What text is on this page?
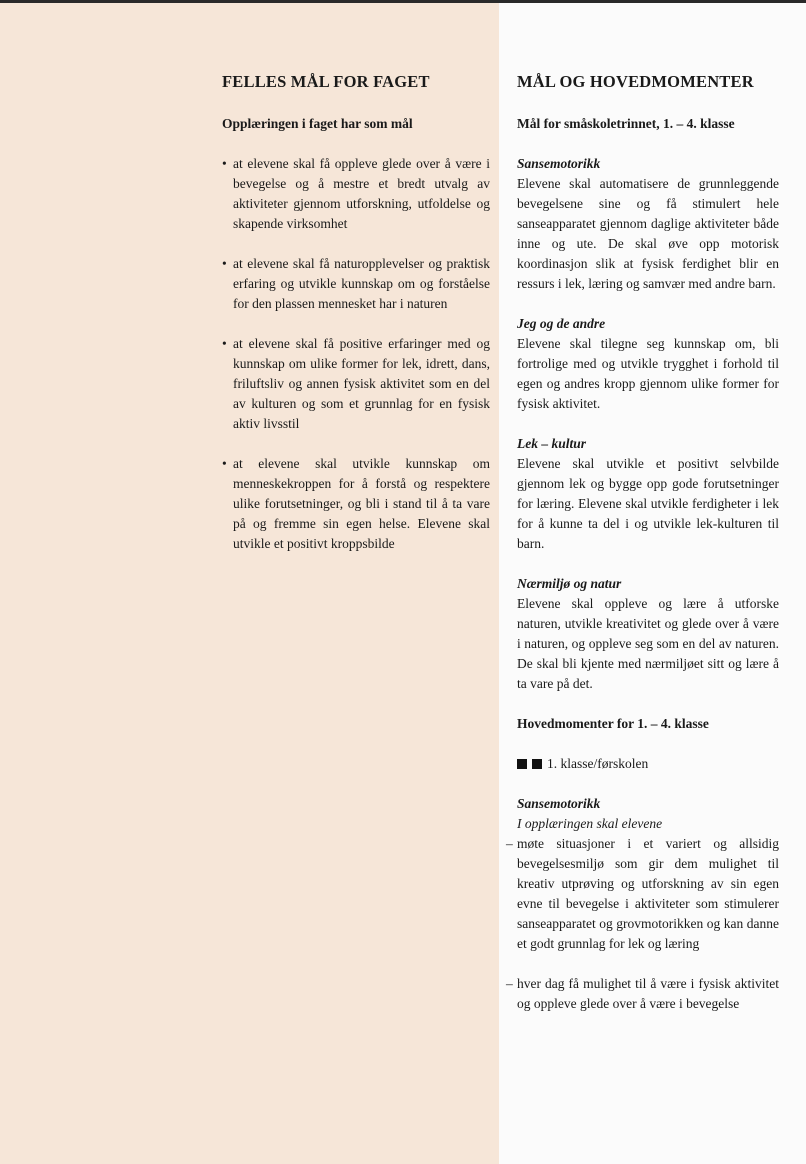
FELLES MÅL FOR FAGET
Opplæringen i faget har som mål
• at elevene skal få oppleve glede over å være i bevegelse og å mestre et bredt utvalg av aktiviteter gjennom utforskning, utfoldelse og skapende virksomhet
• at elevene skal få naturopplevelser og praktisk erfaring og utvikle kunnskap om og forståelse for den plassen mennesket har i naturen
• at elevene skal få positive erfaringer med og kunnskap om ulike former for lek, idrett, dans, friluftsliv og annen fysisk aktivitet som en del av kulturen og som et grunnlag for en fysisk aktiv livsstil
• at elevene skal utvikle kunnskap om menneskekroppen for å forstå og respektere ulike forutsetninger, og bli i stand til å ta vare på og fremme sin egen helse. Elevene skal utvikle et positivt kroppsbilde
MÅL OG HOVEDMOMENTER
Mål for småskoletrinnet, 1. – 4. klasse
Sansemotorikk
Elevene skal automatisere de grunnleggende bevegelsene sine og få stimulert hele sanseapparatet gjennom daglige aktiviteter både inne og ute. De skal øve opp motorisk koordinasjon slik at fysisk ferdighet blir en ressurs i lek, læring og samvær med andre barn.
Jeg og de andre
Elevene skal tilegne seg kunnskap om, bli fortrolige med og utvikle trygghet i forhold til egen og andres kropp gjennom ulike former for fysisk aktivitet.
Lek – kultur
Elevene skal utvikle et positivt selvbilde gjennom lek og bygge opp gode forutsetninger for læring. Elevene skal utvikle ferdigheter i lek for å kunne ta del i og utvikle lek-kulturen til barn.
Nærmiljø og natur
Elevene skal oppleve og lære å utforske naturen, utvikle kreativitet og glede over å være i naturen, og oppleve seg som en del av naturen. De skal bli kjente med nærmiljøet sitt og lære å ta vare på det.
Hovedmomenter for 1. – 4. klasse
1. klasse/førskolen
Sansemotorikk
I opplæringen skal elevene
– møte situasjoner i et variert og allsidig bevegelsesmiljø som gir dem mulighet til kreativ utprøving og utforskning av sin egen evne til bevegelse i aktiviteter som stimulerer sanseapparatet og grovmotorikken og kan danne et godt grunnlag for lek og læring
– hver dag få mulighet til å være i fysisk aktivitet og oppleve glede over å være i bevegelse
